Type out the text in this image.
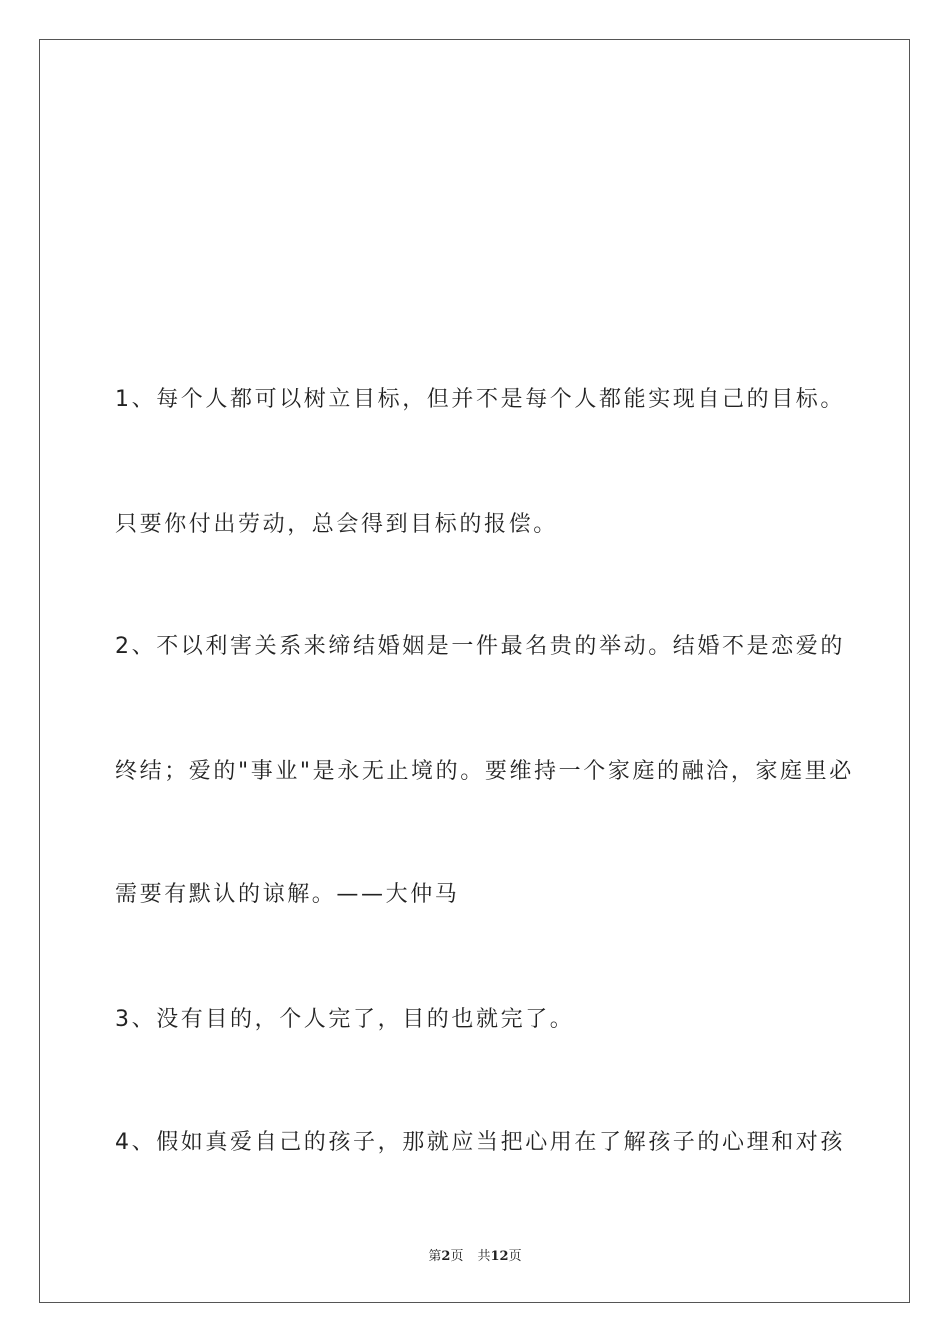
1、每个人都可以树立目标，但并不是每个人都能实现自己的目标。
只要你付出劳动，总会得到目标的报偿。
2、不以利害关系来缔结婚姻是一件最名贵的举动。结婚不是恋爱的
终结；爱的"事业"是永无止境的。要维持一个家庭的融洽，家庭里必
需要有默认的谅解。——大仲马
3、没有目的，个人完了，目的也就完了。
4、假如真爱自己的孩子，那就应当把心用在了解孩子的心理和对孩
第2页 共12页
